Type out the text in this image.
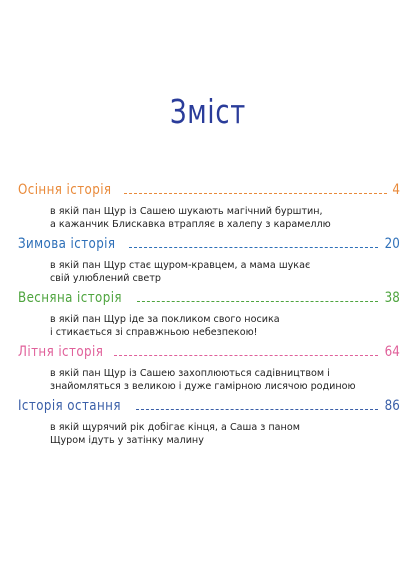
Зміст
Осіння історія	4
в якій пан Щур із Сашею шукають магічний бурштин,
а кажанчик Блискавка втрапляє в халепу з карамеллю
Зимова історія	20
в якій пан Щур стає щуром-кравцем, а мама шукає
свій улюблений светр
Весняна історія	38
в якій пан Щур іде за покликом свого носика
і стикається зі справжньою небезпекою!
Літня історія	64
в якій пан Щур із Сашею захоплюються садівництвом і
знайомляться з великою і дуже гамірною лисячою родиною
Історія остання	86
в якій щурячий рік добігає кінця, а Саша з паном
Щуром ідуть у затінку малину
